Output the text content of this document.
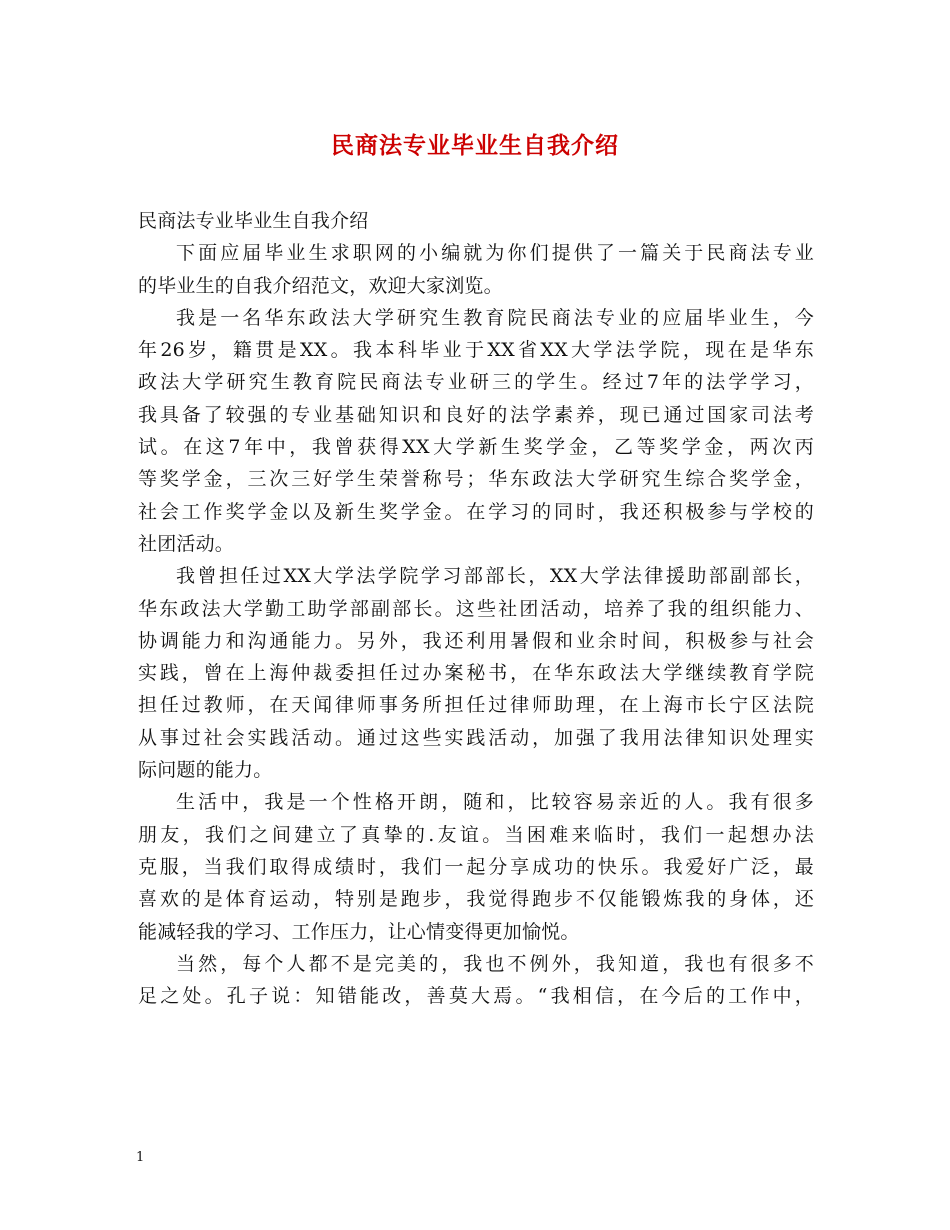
民商法专业毕业生自我介绍
民商法专业毕业生自我介绍
下面应届毕业生求职网的小编就为你们提供了一篇关于民商法专业
的毕业生的自我介绍范文，欢迎大家浏览。
我是一名华东政法大学研究生教育院民商法专业的应届毕业生，今
年26岁，籍贯是XX。我本科毕业于XX省XX大学法学院，现在是华东
政法大学研究生教育院民商法专业研三的学生。经过7年的法学学习，
我具备了较强的专业基础知识和良好的法学素养，现已通过国家司法考
试。在这7年中，我曾获得XX大学新生奖学金，乙等奖学金，两次丙
等奖学金，三次三好学生荣誉称号；华东政法大学研究生综合奖学金，
社会工作奖学金以及新生奖学金。在学习的同时，我还积极参与学校的
社团活动。
我曾担任过XX大学法学院学习部部长，XX大学法律援助部副部长，
华东政法大学勤工助学部副部长。这些社团活动，培养了我的组织能力、
协调能力和沟通能力。另外，我还利用暑假和业余时间，积极参与社会
实践，曾在上海仲裁委担任过办案秘书，在华东政法大学继续教育学院
担任过教师，在天闻律师事务所担任过律师助理，在上海市长宁区法院
从事过社会实践活动。通过这些实践活动，加强了我用法律知识处理实
际问题的能力。
生活中，我是一个性格开朗，随和，比较容易亲近的人。我有很多
朋友，我们之间建立了真挚的.友谊。当困难来临时，我们一起想办法
克服，当我们取得成绩时，我们一起分享成功的快乐。我爱好广泛，最
喜欢的是体育运动，特别是跑步，我觉得跑步不仅能锻炼我的身体，还
能减轻我的学习、工作压力，让心情变得更加愉悦。
当然，每个人都不是完美的，我也不例外，我知道，我也有很多不
足之处。孔子说：知错能改，善莫大焉。“我相信，在今后的工作中，
1
